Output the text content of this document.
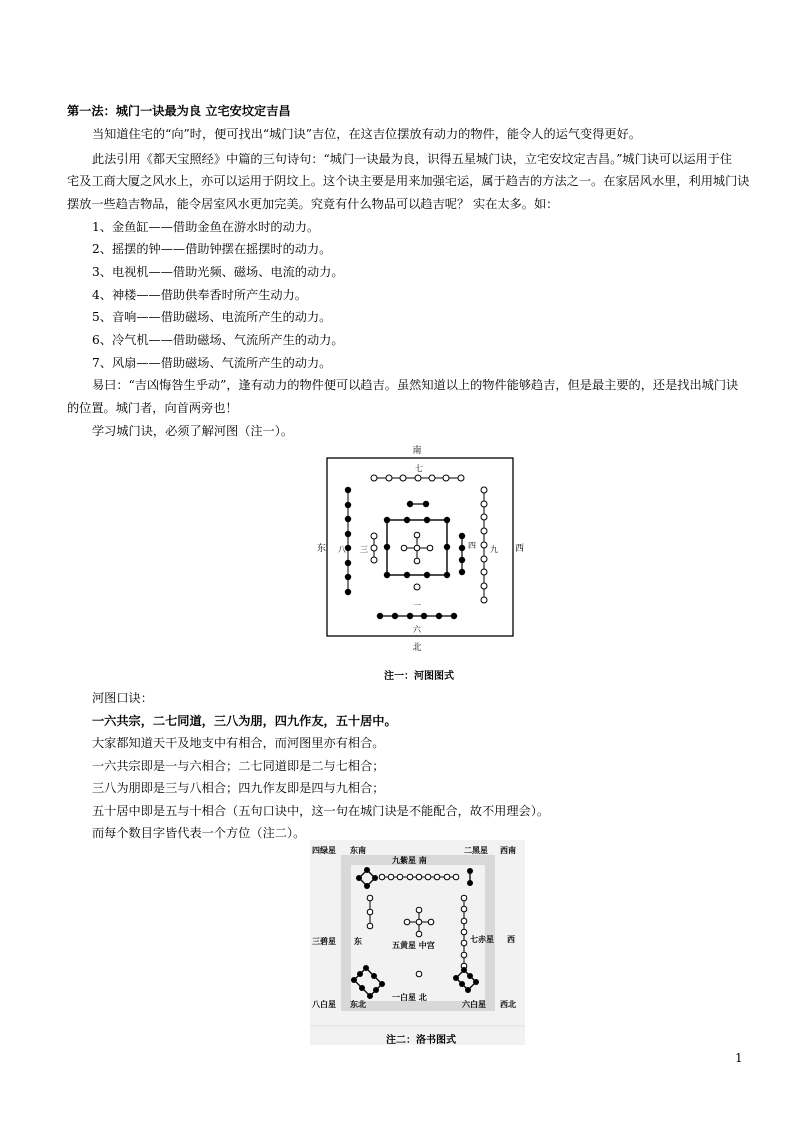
第一法：城门一诀最为良 立宅安坟定吉昌
当知道住宅的“向”时，便可找出“城门诀”吉位，在这吉位摆放有动力的物件，能令人的运气变得更好。
此法引用《都天宝照经》中篇的三句诗句：“城门一诀最为良，识得五星城门诀，立宅安坟定吉昌。”城门诀可以运用于住
宅及工商大厦之风水上，亦可以运用于阴坟上。这个诀主要是用来加强宅运，属于趋吉的方法之一。在家居风水里，利用城门诀
摆放一些趋吉物品，能令居室风水更加完美。究竟有什么物品可以趋吉呢？ 实在太多。如：
1、金鱼缸——借助金鱼在游水时的动力。
2、摇摆的钟——借助钟摆在摇摆时的动力。
3、电视机——借助光频、磁场、电流的动力。
4、神楼——借助供奉香时所产生动力。
5、音响——借助磁场、电流所产生的动力。
6、冷气机——借助磁场、气流所产生的动力。
7、风扇——借助磁场、气流所产生的动力。
易曰：“吉凶悔咎生乎动”，逢有动力的物件便可以趋吉。虽然知道以上的物件能够趋吉，但是最主要的，还是找出城门诀
的位置。城门者，向首两旁也！
学习城门诀，必须了解河图（注一）。
南
北
东	西
七
八 三	四 九
一
六
注一：河图图式
河图口诀：
一六共宗，二七同道，三八为朋，四九作友，五十居中。
大家都知道天干及地支中有相合，而河图里亦有相合。
一六共宗即是一与六相合；二七同道即是二与七相合；
三八为朋即是三与八相合；四九作友即是四与九相合；
五十居中即是五与十相合（五句口诀中，这一句在城门诀是不能配合，故不用理会）。
而每个数目字皆代表一个方位（注二）。
四绿星 东南
九紫星 南
二黑星 西南
三碧星 东	五黄星 中宫
七赤星 西
八白星 东北
一白星 北
六白星 西北
注二：洛书图式
1
